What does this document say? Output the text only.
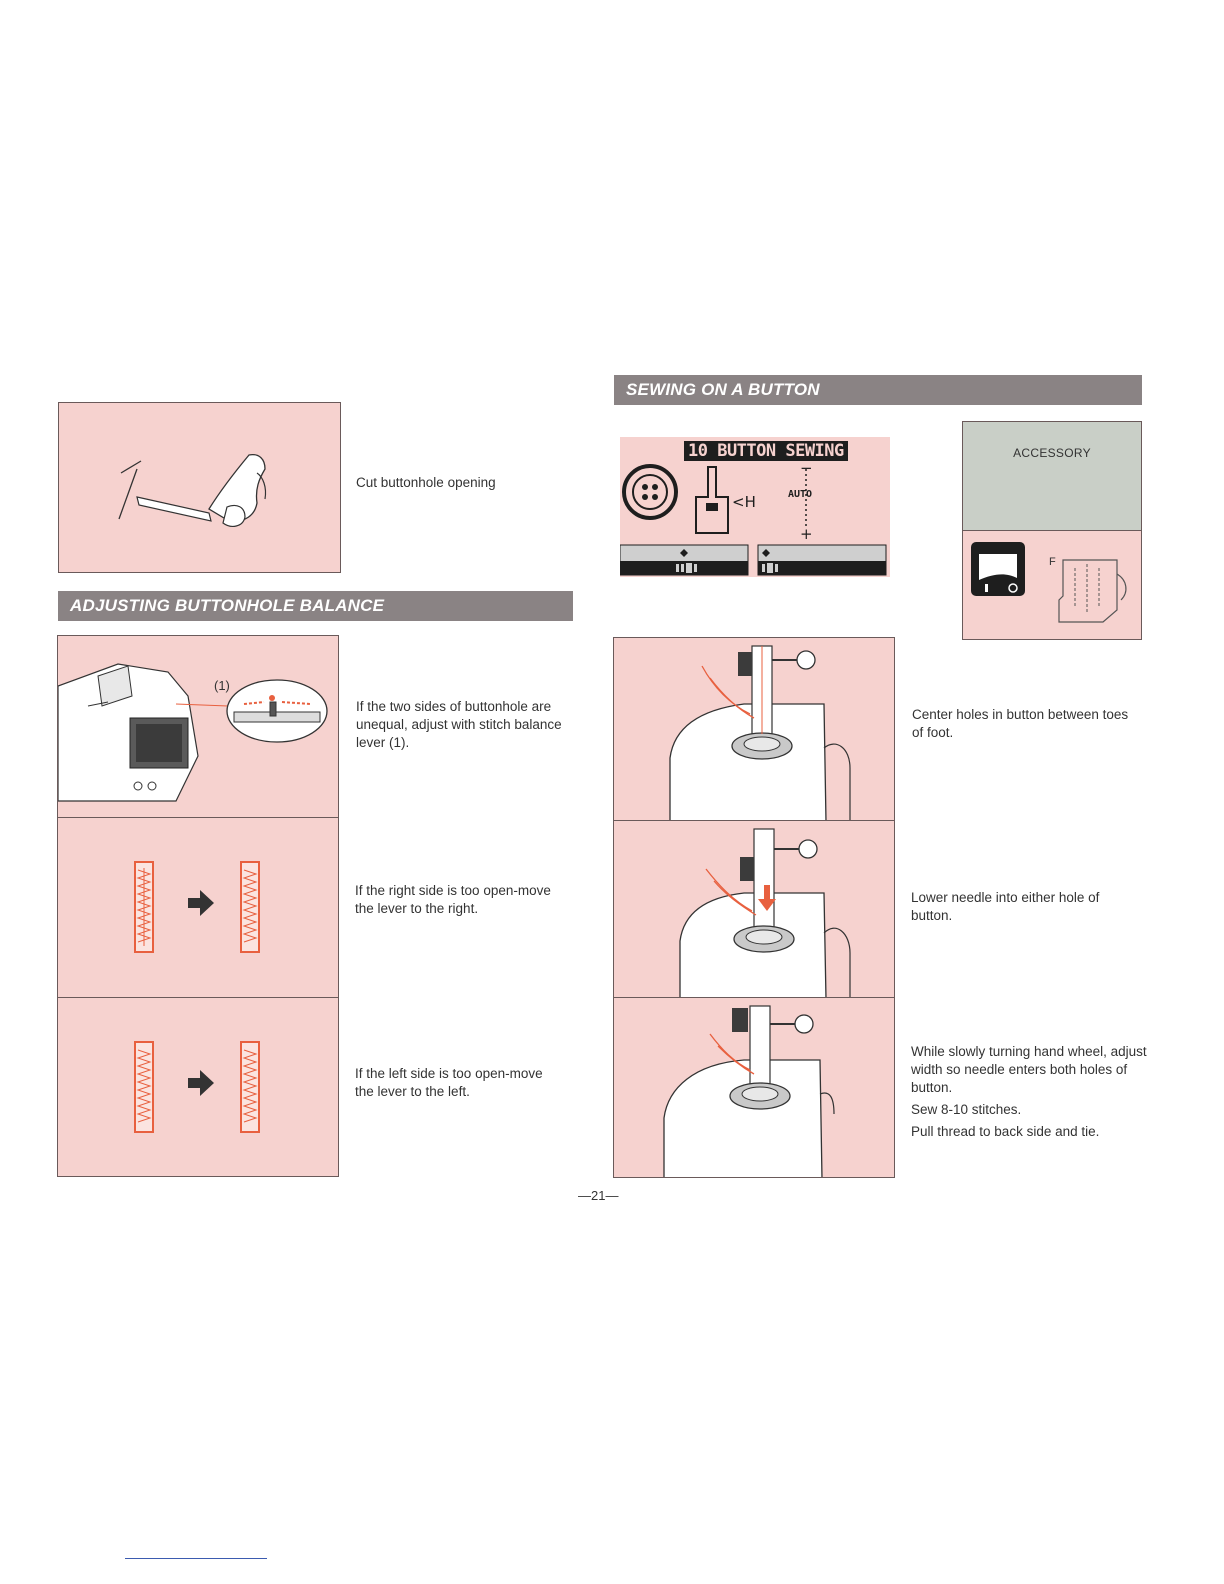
Cut buttonhole opening
ADJUSTING BUTTONHOLE BALANCE
(1)
If the two sides of buttonhole are unequal, adjust with stitch balance lever (1).
If the right side is too open-move the lever to the right.
If the left side is too open-move the lever to the left.
SEWING ON A BUTTON
10 BUTTON SEWING
<H	AUTO
−
+
ACCESSORY
F
Center holes in button between toes of foot.
Lower needle into either hole of button.

While slowly turning hand wheel, adjust width so needle enters both holes of button.

Sew 8-10 stitches.

Pull thread to back side and tie.

—21—
